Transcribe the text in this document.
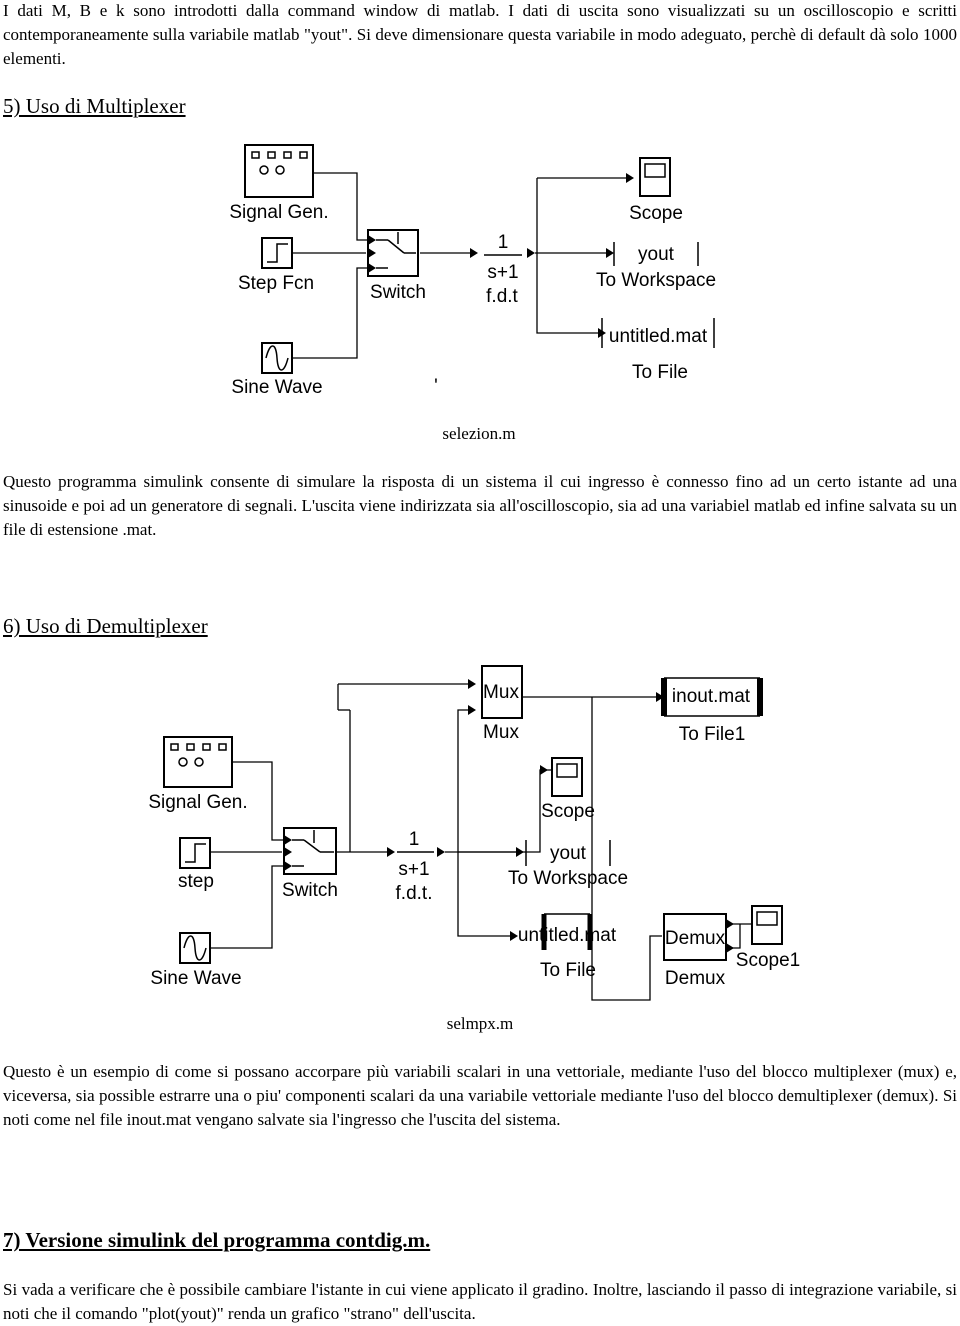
I dati M, B e k sono introdotti dalla command window di matlab. I dati di uscita sono visualizzati su un oscilloscopio e scritti contemporaneamente sulla variabile matlab "yout". Si deve dimensionare questa variabile in modo adeguato, perchè di default dà solo 1000 elementi.

5) Uso di Multiplexer
Signal Gen.
Step Fcn
Sine Wave
Switch
1
s+1
f.d.t
Scope
yout
To Workspace
untitled.mat
To File
'
selezion.m

Questo programma simulink consente di simulare la risposta di un sistema il cui ingresso è connesso fino ad un certo istante ad una sinusoide e poi ad un generatore di segnali. L'uscita viene indirizzata sia all'oscilloscopio, sia ad una variabiel matlab ed infine salvata su un file di estensione .mat.

6) Uso di Demultiplexer
Mux
Mux
inout.mat
To File1
Signal Gen.	Scope
step	Switch
1
s+1
f.d.t.
yout
To Workspace
Sine Wave
untitled.mat
To File
Demux
Demux
Scope1
selmpx.m

Questo è un esempio di come si possano accorpare più variabili scalari in una vettoriale, mediante l'uso del blocco multiplexer (mux) e, viceversa, sia possible estrarre una o piu' componenti scalari da una variabile vettoriale mediante l'uso del blocco demultiplexer (demux). Si noti come nel file inout.mat vengano salvate sia l'ingresso che l'uscita del sistema.

7) Versione simulink del programma contdig.m.

Si vada a verificare che è possibile cambiare l'istante in cui viene applicato il gradino. Inoltre, lasciando il passo di integrazione variabile, si noti che il comando "plot(yout)" renda un grafico "strano" dell'uscita.
